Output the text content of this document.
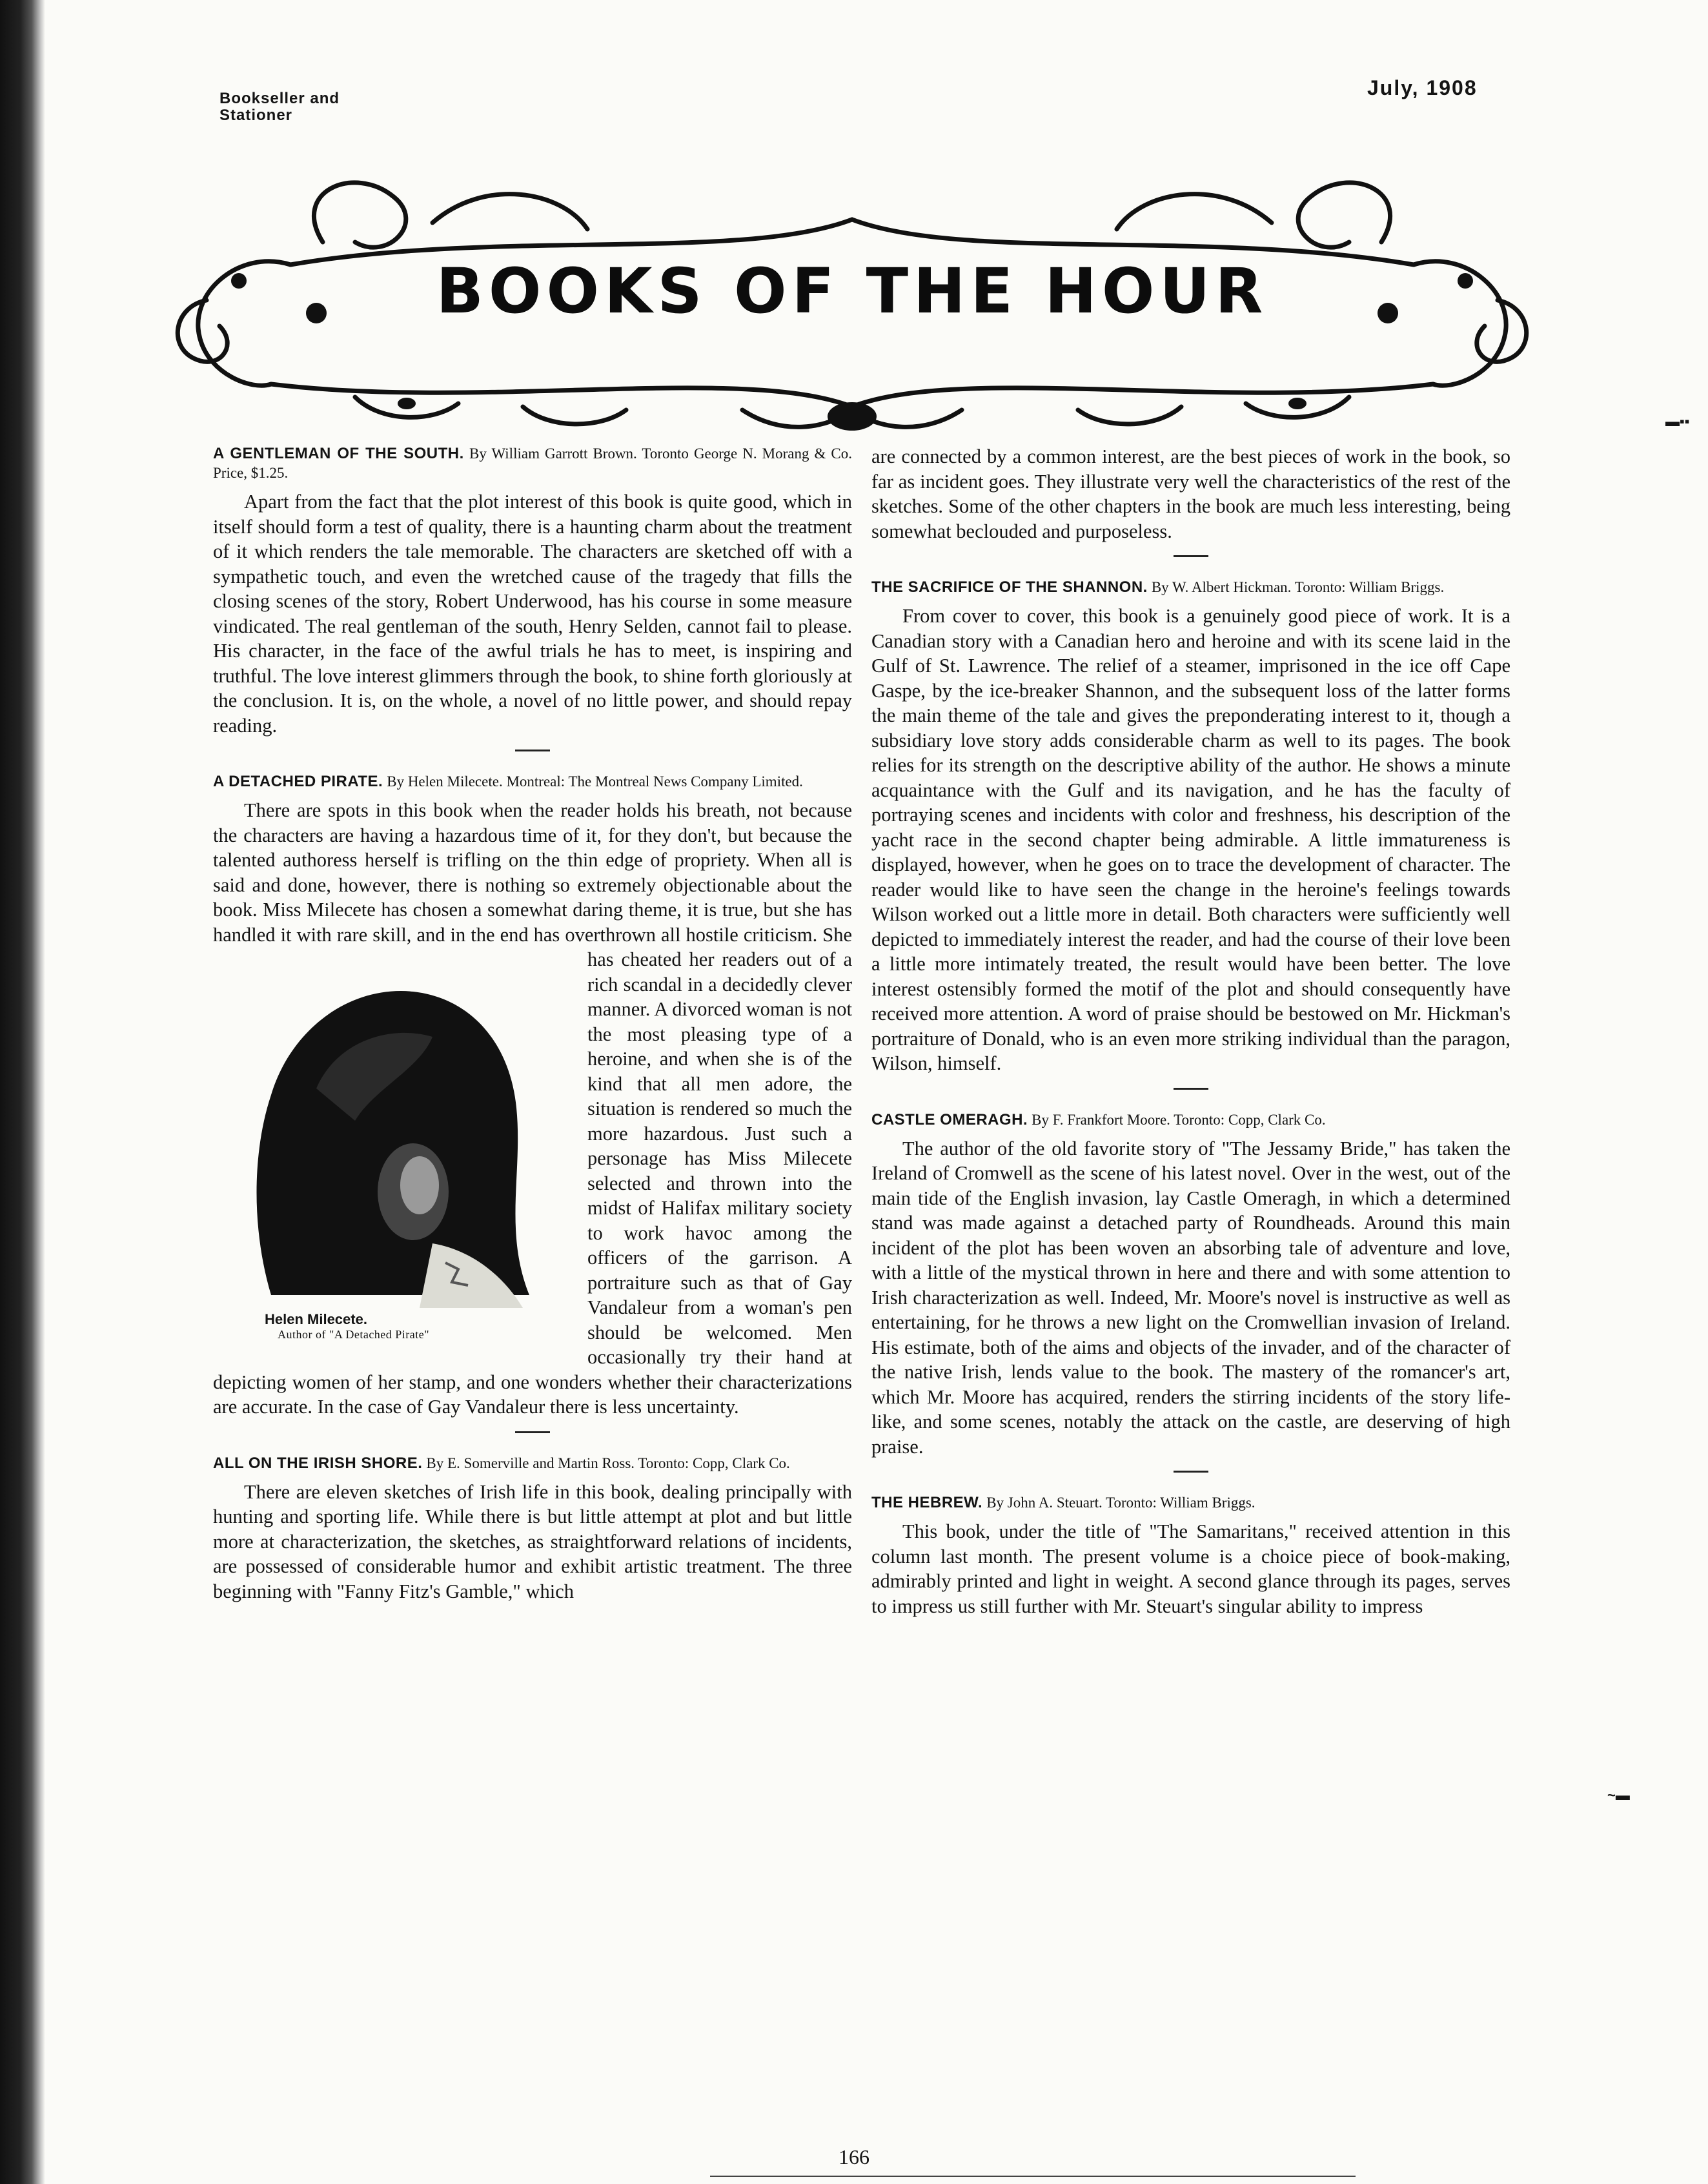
Bookseller and
Stationer
July, 1908
▬▪▪
~▬
BOOKS OF THE HOUR

A GENTLEMAN OF THE SOUTH. By William Garrott Brown. Toronto George N. Morang & Co. Price, $1.25.

Apart from the fact that the plot interest of this book is quite good, which in itself should form a test of quality, there is a haunting charm about the treatment of it which renders the tale memorable. The characters are sketched off with a sympathetic touch, and even the wretched cause of the tragedy that fills the closing scenes of the story, Robert Underwood, has his course in some measure vindicated. The real gentleman of the south, Henry Selden, cannot fail to please. His character, in the face of the awful trials he has to meet, is inspiring and truthful. The love interest glimmers through the book, to shine forth gloriously at the conclusion. It is, on the whole, a novel of no little power, and should repay reading.

A DETACHED PIRATE. By Helen Milecete. Montreal: The Montreal News Company Limited.

Helen Milecete.
Author of "A Detached Pirate"

There are spots in this book when the reader holds his breath, not because the characters are having a hazardous time of it, for they don't, but because the talented authoress herself is trifling on the thin edge of propriety. When all is said and done, however, there is nothing so extremely objectionable about the book. Miss Milecete has chosen a somewhat daring theme, it is true, but she has handled it with rare skill, and in the end has overthrown all hostile criticism. She has cheated her readers out of a rich scandal in a decidedly clever manner. A divorced woman is not the most pleasing type of a heroine, and when she is of the kind that all men adore, the situation is rendered so much the more hazardous. Just such a personage has Miss Milecete selected and thrown into the midst of Halifax military society to work havoc among the officers of the garrison. A portraiture such as that of Gay Vandaleur from a woman's pen should be welcomed. Men occasionally try their hand at depicting women of her stamp, and one wonders whether their characterizations are accurate. In the case of Gay Vandaleur there is less uncertainty.

ALL ON THE IRISH SHORE. By E. Somerville and Martin Ross. Toronto: Copp, Clark Co.

There are eleven sketches of Irish life in this book, dealing principally with hunting and sporting life. While there is but little attempt at plot and but little more at characterization, the sketches, as straightforward relations of incidents, are possessed of considerable humor and exhibit artistic treatment. The three beginning with "Fanny Fitz's Gamble," which

are connected by a common interest, are the best pieces of work in the book, so far as incident goes. They illustrate very well the characteristics of the rest of the sketches. Some of the other chapters in the book are much less interesting, being somewhat beclouded and purposeless.

THE SACRIFICE OF THE SHANNON. By W. Albert Hickman. Toronto: William Briggs.

From cover to cover, this book is a genuinely good piece of work. It is a Canadian story with a Canadian hero and heroine and with its scene laid in the Gulf of St. Lawrence. The relief of a steamer, imprisoned in the ice off Cape Gaspe, by the ice-breaker Shannon, and the subsequent loss of the latter forms the main theme of the tale and gives the preponderating interest to it, though a subsidiary love story adds considerable charm as well to its pages. The book relies for its strength on the descriptive ability of the author. He shows a minute acquaintance with the Gulf and its navigation, and he has the faculty of portraying scenes and incidents with color and freshness, his description of the yacht race in the second chapter being admirable. A little immatureness is displayed, however, when he goes on to trace the development of character. The reader would like to have seen the change in the heroine's feelings towards Wilson worked out a little more in detail. Both characters were sufficiently well depicted to immediately interest the reader, and had the course of their love been a little more intimately treated, the result would have been better. The love interest ostensibly formed the motif of the plot and should consequently have received more attention. A word of praise should be bestowed on Mr. Hickman's portraiture of Donald, who is an even more striking individual than the paragon, Wilson, himself.

CASTLE OMERAGH. By F. Frankfort Moore. Toronto: Copp, Clark Co.

The author of the old favorite story of "The Jessamy Bride," has taken the Ireland of Cromwell as the scene of his latest novel. Over in the west, out of the main tide of the English invasion, lay Castle Omeragh, in which a determined stand was made against a detached party of Roundheads. Around this main incident of the plot has been woven an absorbing tale of adventure and love, with a little of the mystical thrown in here and there and with some attention to Irish characterization as well. Indeed, Mr. Moore's novel is instructive as well as entertaining, for he throws a new light on the Cromwellian invasion of Ireland. His estimate, both of the aims and objects of the invader, and of the character of the native Irish, lends value to the book. The mastery of the romancer's art, which Mr. Moore has acquired, renders the stirring incidents of the story life-like, and some scenes, notably the attack on the castle, are deserving of high praise.

THE HEBREW. By John A. Steuart. Toronto: William Briggs.

This book, under the title of "The Samaritans," received attention in this column last month. The present volume is a choice piece of book-making, admirably printed and light in weight. A second glance through its pages, serves to impress us still further with Mr. Steuart's singular ability to impress

166
